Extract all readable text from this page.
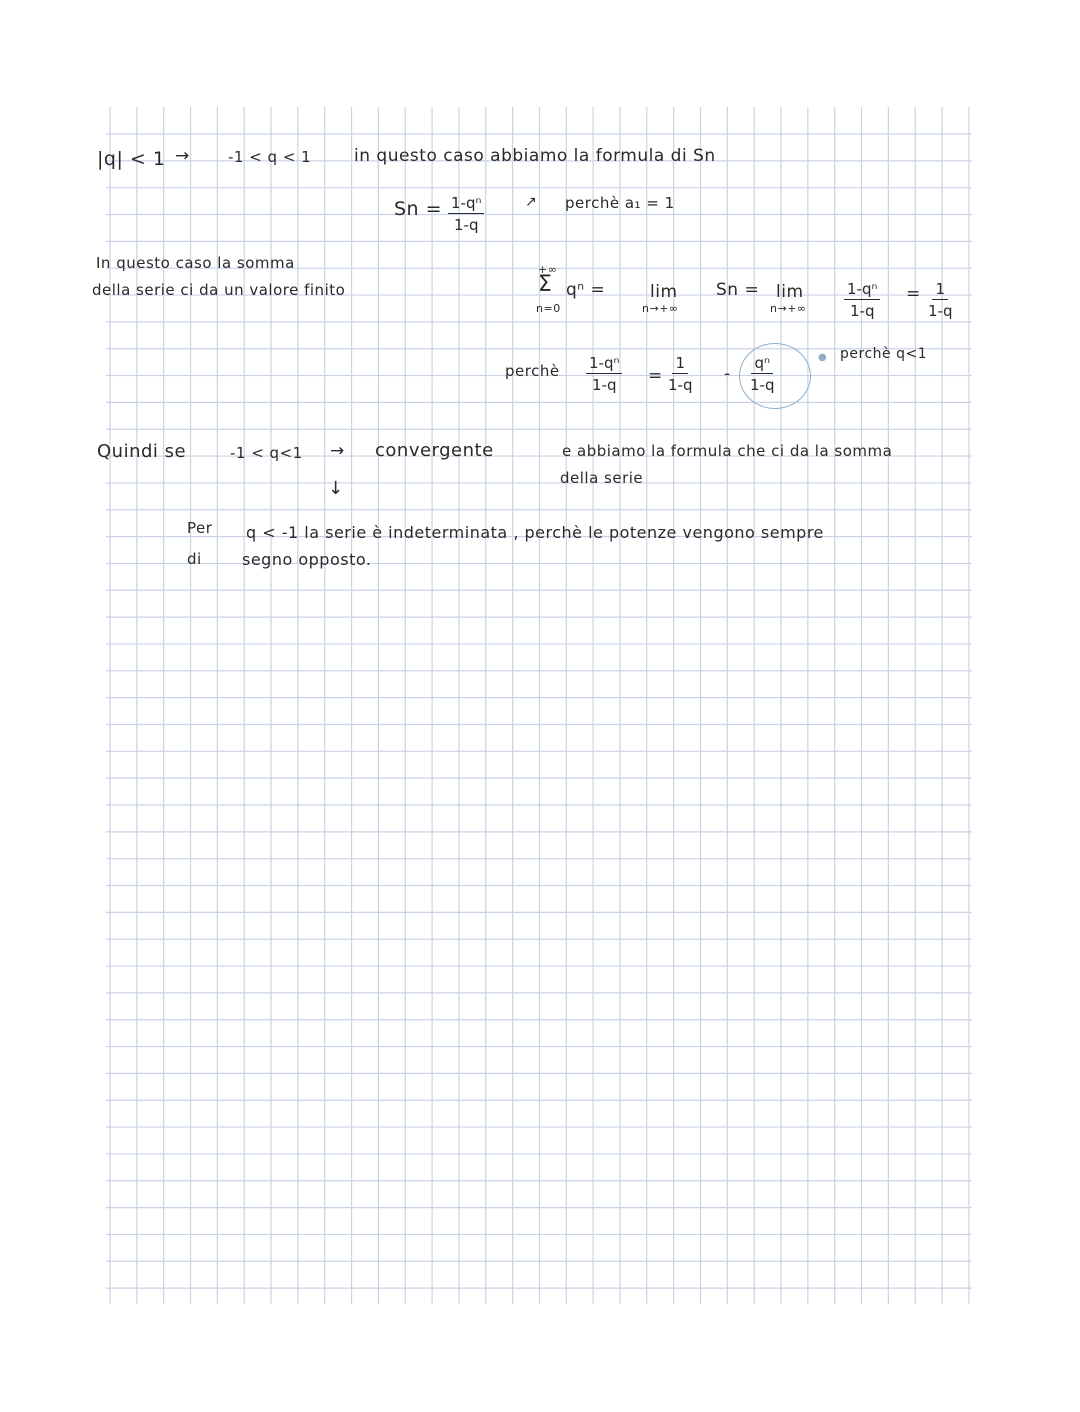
|q| < 1 →	-1 < q < 1	in questo caso abbiamo la formula di Sn
$Sn = \frac{\text{1-qⁿ}}{1-q}$	↗ perchè a₁ = 1
In questo caso la somma
della serie ci da un valore finito
+∞
Σ
n=0
qⁿ =	lim
n→+∞
Sn = lim
$n\to+\infty \frac{\text{1-qⁿ}}{1-q} = \frac{1}{1-q}$
perchè $\frac{\text{1-qⁿ}}{1-q} = \frac{1}{1-q} - \frac{\text{qⁿ}}{1-q}$	● perchè q<1
Quindi se	-1 < q<1 → convergente	e abbiamo la formula che ci da la somma
della serie
↓
Per q < -1 la serie è indeterminata , perchè le potenze vengono sempre
di	segno opposto.
